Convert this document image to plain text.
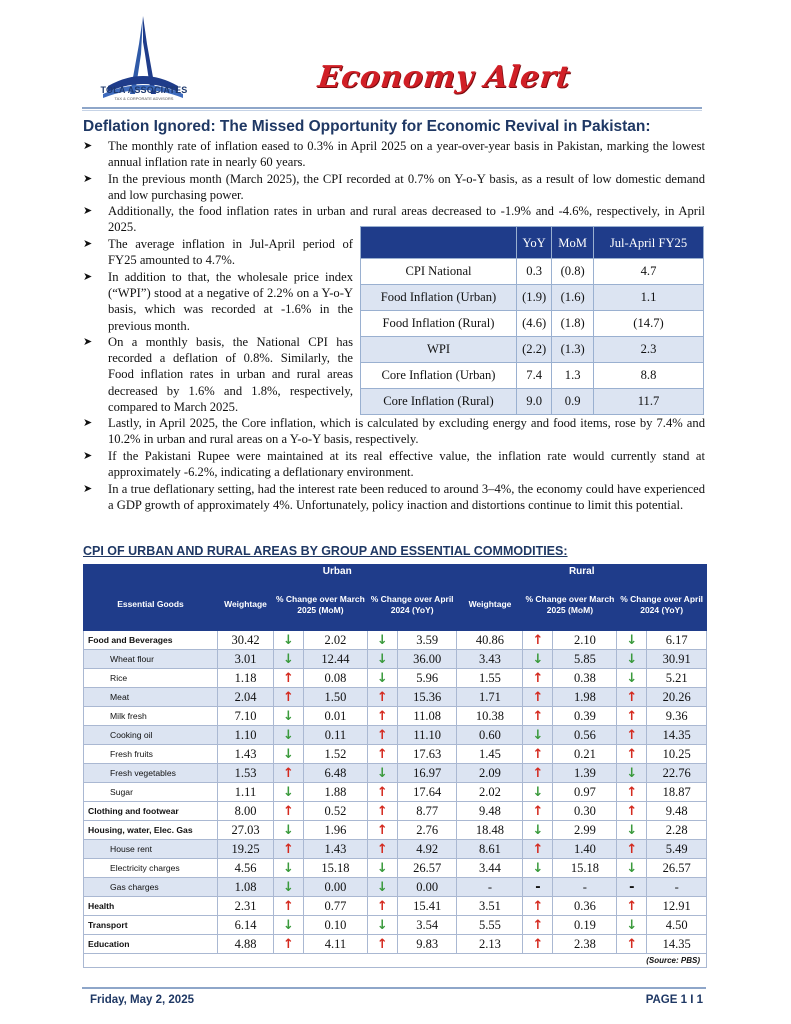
TOLA ASSOCIATES
TAX & CORPORATE ADVISORS
Economy Alert
Deflation Ignored: The Missed Opportunity for Economic Revival in Pakistan:
➤	The monthly rate of inflation eased to 0.3% in April 2025 on a year-over-year basis in Pakistan, marking the lowest annual inflation rate in nearly 60 years.
➤	In the previous month (March 2025), the CPI recorded at 0.7% on Y-o-Y basis, as a result of low domestic demand and low purchasing power.
➤	Additionally, the food inflation rates in urban and rural areas decreased to -1.9% and -4.6%, respectively, in April 2025.
➤	The average inflation in Jul-April period of FY25 amounted to 4.7%.
➤	In addition to that, the wholesale price index (“WPI”) stood at a negative of 2.2% on a Y-o-Y basis, which was recorded at -1.6% in the previous month.
➤	On a monthly basis, the National CPI has recorded a deflation of 0.8%. Similarly, the Food inflation rates in urban and rural areas decreased by 1.6% and 1.8%, respectively, compared to March 2025.
➤	Lastly, in April 2025, the Core inflation, which is calculated by excluding energy and food items, rose by 7.4% and 10.2% in urban and rural areas on a Y-o-Y basis, respectively.
➤	If the Pakistani Rupee were maintained at its real effective value, the inflation rate would currently stand at approximately -6.2%, indicating a deflationary environment.
➤	In a true deflationary setting, had the interest rate been reduced to around 3–4%, the economy could have experienced a GDP growth of approximately 4%. Unfortunately, policy inaction and distortions continue to limit this potential.
	YoY	MoM	Jul-April FY25
CPI National	0.3	(0.8)	4.7
Food Inflation (Urban)	(1.9)	(1.6)	1.1
Food Inflation (Rural)	(4.6)	(1.8)	(14.7)
WPI	(2.2)	(1.3)	2.3
Core Inflation (Urban)	7.4	1.3	8.8
Core Inflation (Rural)	9.0	0.9	11.7
CPI OF URBAN AND RURAL AREAS BY GROUP AND ESSENTIAL COMMODITIES:
	Urban					Rural				
Essential Goods	Weightage	% Change over March 2025 (MoM)		% Change over April 2024 (YoY)		Weightage	% Change over March 2025 (MoM)		% Change over April 2024 (YoY)	
Food and Beverages	30.42	↓	2.02	↓	3.59	40.86	↑	2.10	↓	6.17
Wheat flour	3.01	↓	12.44	↓	36.00	3.43	↓	5.85	↓	30.91
Rice	1.18	↑	0.08	↓	5.96	1.55	↑	0.38	↓	5.21
Meat	2.04	↑	1.50	↑	15.36	1.71	↑	1.98	↑	20.26
Milk fresh	7.10	↓	0.01	↑	11.08	10.38	↑	0.39	↑	9.36
Cooking oil	1.10	↓	0.11	↑	11.10	0.60	↓	0.56	↑	14.35
Fresh fruits	1.43	↓	1.52	↑	17.63	1.45	↑	0.21	↑	10.25
Fresh vegetables	1.53	↑	6.48	↓	16.97	2.09	↑	1.39	↓	22.76
Sugar	1.11	↓	1.88	↑	17.64	2.02	↓	0.97	↑	18.87
Clothing and footwear	8.00	↑	0.52	↑	8.77	9.48	↑	0.30	↑	9.48
Housing, water, Elec. Gas	27.03	↓	1.96	↑	2.76	18.48	↓	2.99	↓	2.28
House rent	19.25	↑	1.43	↑	4.92	8.61	↑	1.40	↑	5.49
Electricity charges	4.56	↓	15.18	↓	26.57	3.44	↓	15.18	↓	26.57
Gas charges	1.08	↓	0.00	↓	0.00	-	-	-	-	-
Health	2.31	↑	0.77	↑	15.41	3.51	↑	0.36	↑	12.91
Transport	6.14	↓	0.10	↓	3.54	5.55	↑	0.19	↓	4.50
Education	4.88	↑	4.11	↑	9.83	2.13	↑	2.38	↑	14.35
(Source: PBS)										
Friday, May 2, 2025	PAGE 1 I 1
